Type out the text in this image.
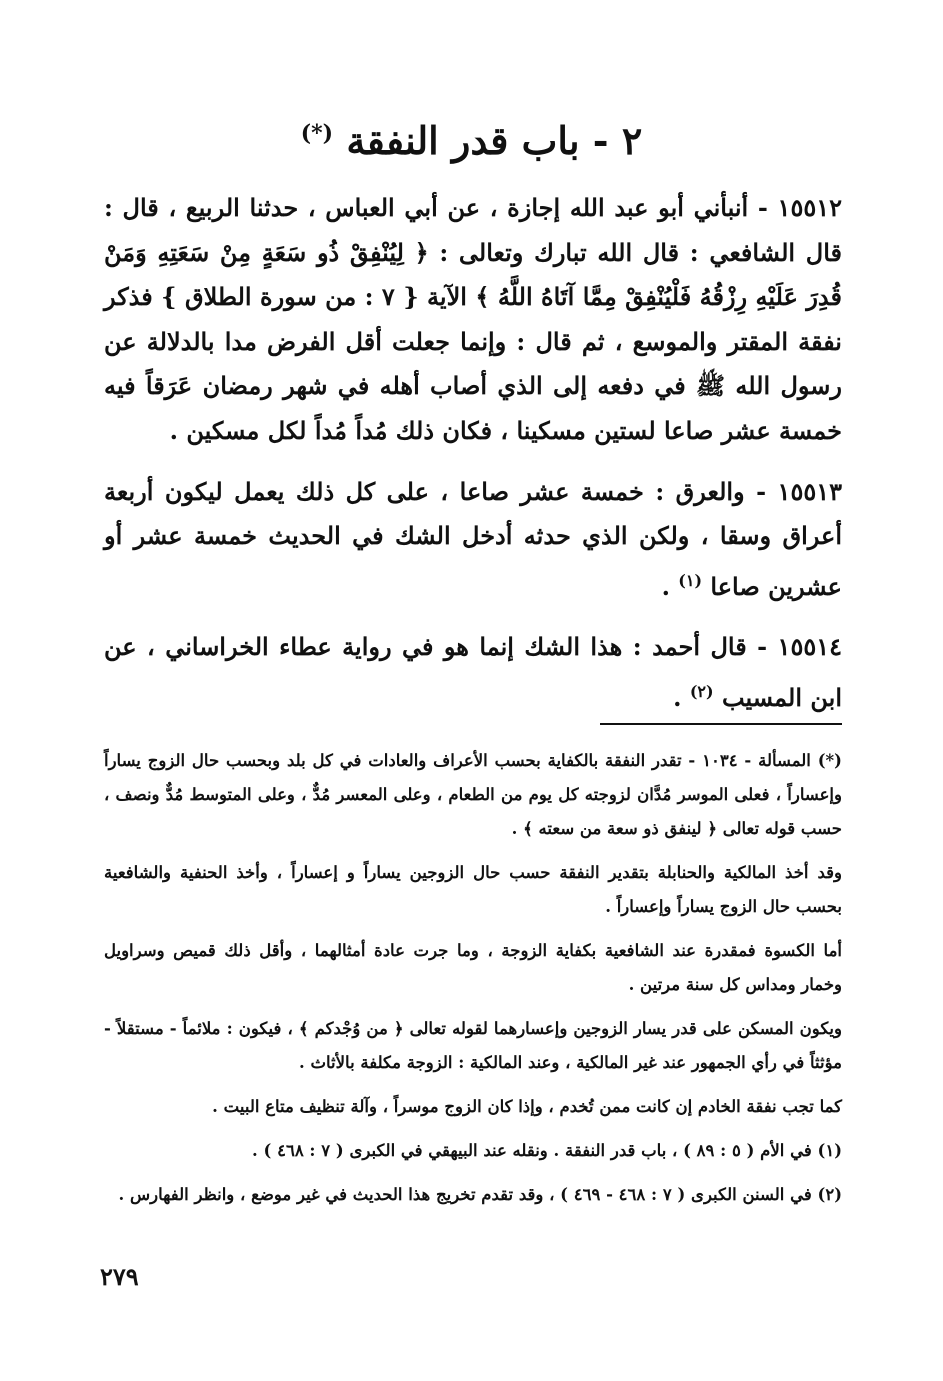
٢ - باب قدر النفقة (*)

١٥٥١٢ - أنبأني أبو عبد الله إجازة ، عن أبي العباس ، حدثنا الربيع ، قال : قال الشافعي : قال الله تبارك وتعالى : ﴿ لِيُنْفِقْ ذُو سَعَةٍ مِنْ سَعَتِهِ وَمَنْ قُدِرَ عَلَيْهِ رِزْقُهُ فَلْيُنْفِقْ مِمَّا آتَاهُ اللَّهُ ﴾ الآية { ٧ : من سورة الطلاق } فذكر نفقة المقتر والموسع ، ثم قال : وإنما جعلت أقل الفرض مدا بالدلالة عن رسول الله ﷺ في دفعه إلى الذي أصاب أهله في شهر رمضان عَرَقاً فيه خمسة عشر صاعا لستين مسكينا ، فكان ذلك مُداً مُداً لكل مسكين .

١٥٥١٣ - والعرق : خمسة عشر صاعا ، على كل ذلك يعمل ليكون أربعة أعراق وسقا ، ولكن الذي حدثه أدخل الشك في الحديث خمسة عشر أو عشرين صاعا $^{(١)}$ .

١٥٥١٤ - قال أحمد : هذا الشك إنما هو في رواية عطاء الخراساني ، عن ابن المسيب $^{(٢)}$ .

(*) المسألة - ١٠٣٤ - تقدر النفقة بالكفاية بحسب الأعراف والعادات في كل بلد وبحسب حال الزوج يساراً وإعساراً ، فعلى الموسر مُدَّان لزوجته كل يوم من الطعام ، وعلى المعسر مُدٌّ ، وعلى المتوسط مُدٌّ ونصف ، حسب قوله تعالى ﴿ لينفق ذو سعة من سعته ﴾ .

وقد أخذ المالكية والحنابلة بتقدير النفقة حسب حال الزوجين يساراً و إعساراً ، وأخذ الحنفية والشافعية بحسب حال الزوج يساراً وإعساراً .

أما الكسوة فمقدرة عند الشافعية بكفاية الزوجة ، وما جرت عادة أمثالهما ، وأقل ذلك قميص وسراويل وخمار ومداس كل سنة مرتين .

ويكون المسكن على قدر يسار الزوجين وإعسارهما لقوله تعالى ﴿ من وُجْدكم ﴾ ، فيكون : ملائماً - مستقلاً - مؤثثاً في رأي الجمهور عند غير المالكية ، وعند المالكية : الزوجة مكلفة بالأثاث .

كما تجب نفقة الخادم إن كانت ممن تُخدم ، وإذا كان الزوج موسراً ، وآلة تنظيف متاع البيت .

(١) في الأم ( ٥ : ٨٩ ) ، باب قدر النفقة . ونقله عند البيهقي في الكبرى ( ٧ : ٤٦٨ ) .

(٢) في السنن الكبرى ( ٧ : ٤٦٨ - ٤٦٩ ) ، وقد تقدم تخريج هذا الحديث في غير موضع ، وانظر الفهارس .

٢٧٩
